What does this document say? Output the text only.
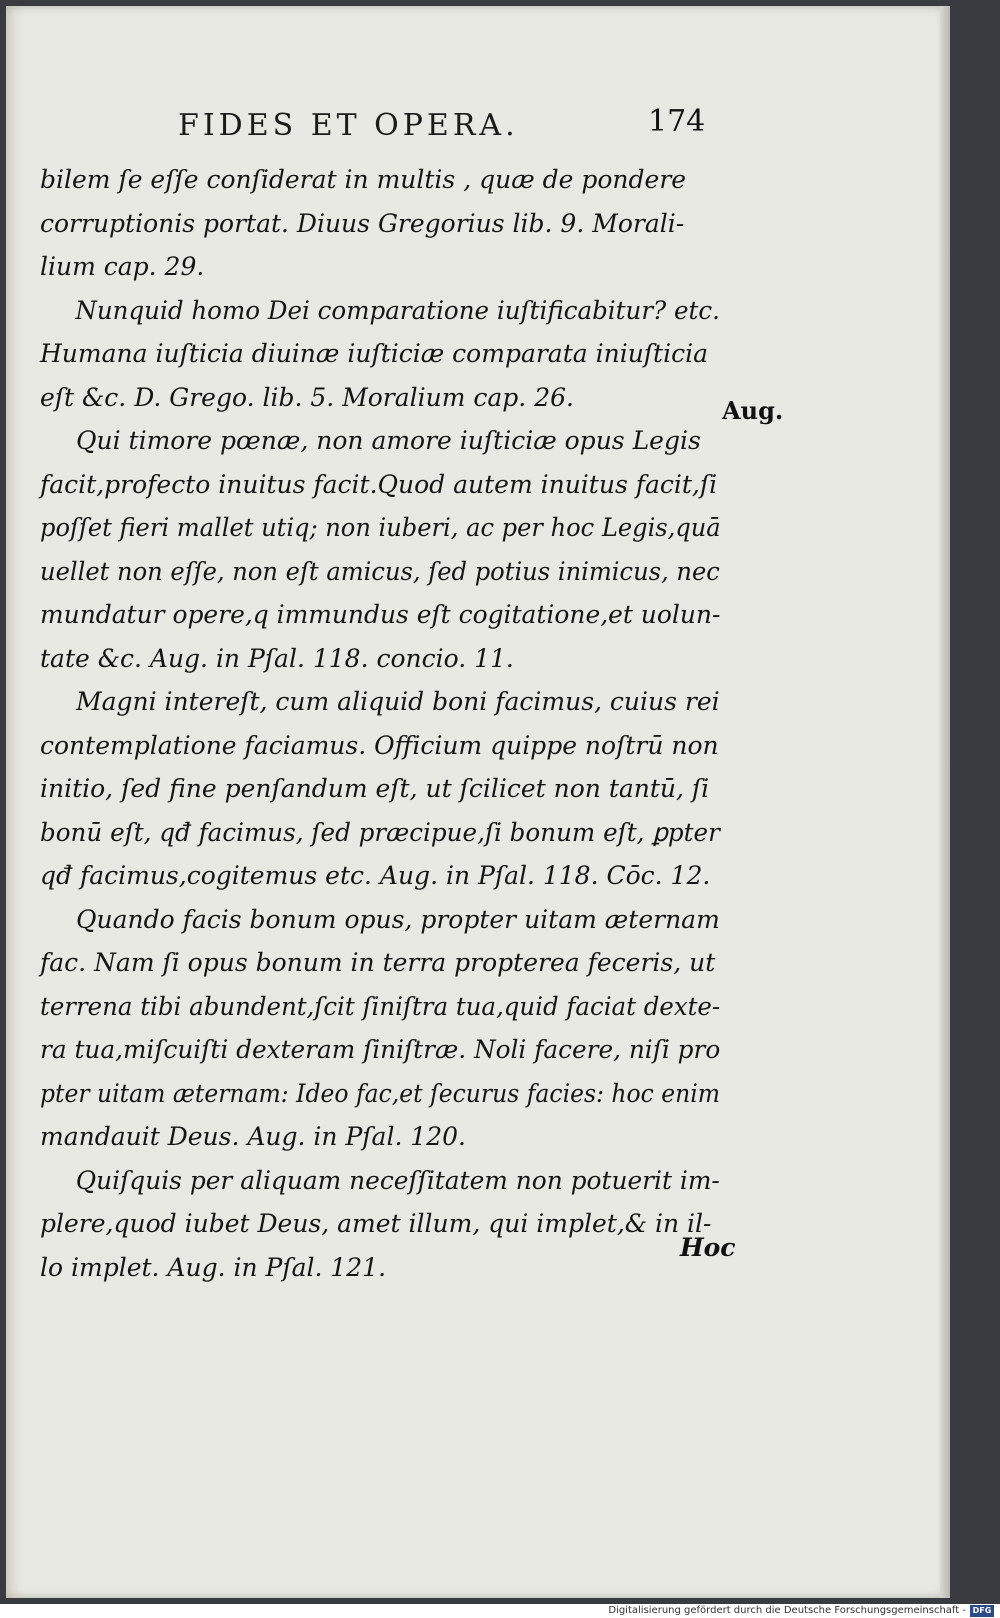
FIDES ET OPERA.	174
bilem ſe eſſe conſiderat in multis , quæ de pondere
corruptionis portat. Diuus Gregorius lib. 9. Morali-
lium cap. 29.
Nunquid homo Dei comparatione iuſtificabitur? etc.
Humana iuſticia diuinæ iuſticiæ comparata iniuſticia
eſt &c. D. Grego. lib. 5. Moralium cap. 26.
Qui timore pœnæ, non amore iuſticiæ opus Legis
facit,profecto inuitus facit.Quod autem inuitus facit,ſi
poſſet fieri mallet utiq; non iuberi, ac per hoc Legis,quā
uellet non eſſe, non eſt amicus, ſed potius inimicus, nec
mundatur opere,q immundus eſt cogitatione,et uolun-
tate &c. Aug. in Pſal. 118. concio. 11.
Magni intereſt, cum aliquid boni facimus, cuius rei
contemplatione faciamus. Officium quippe noſtrū non
initio, ſed fine penſandum eſt, ut ſcilicet non tantū, ſi
bonū eſt, qđ facimus, ſed præcipue,ſi bonum eſt, ꝑpter
qđ facimus,cogitemus etc. Aug. in Pſal. 118. Cōc. 12.
Quando facis bonum opus, propter uitam æternam
fac. Nam ſi opus bonum in terra propterea feceris, ut
terrena tibi abundent,ſcit ſiniſtra tua,quid faciat dexte-
ra tua,miſcuiſti dexteram ſiniſtræ. Noli facere, niſi pro
pter uitam æternam: Ideo fac,et ſecurus facies: hoc enim
mandauit Deus. Aug. in Pſal. 120.
Quiſquis per aliquam neceſſitatem non potuerit im-
plere,quod iubet Deus, amet illum, qui implet,& in il-
lo implet. Aug. in Pſal. 121.
Aug.
Hoc
Digitalisierung gefördert durch die Deutsche Forschungsgemeinschaft - DFG
